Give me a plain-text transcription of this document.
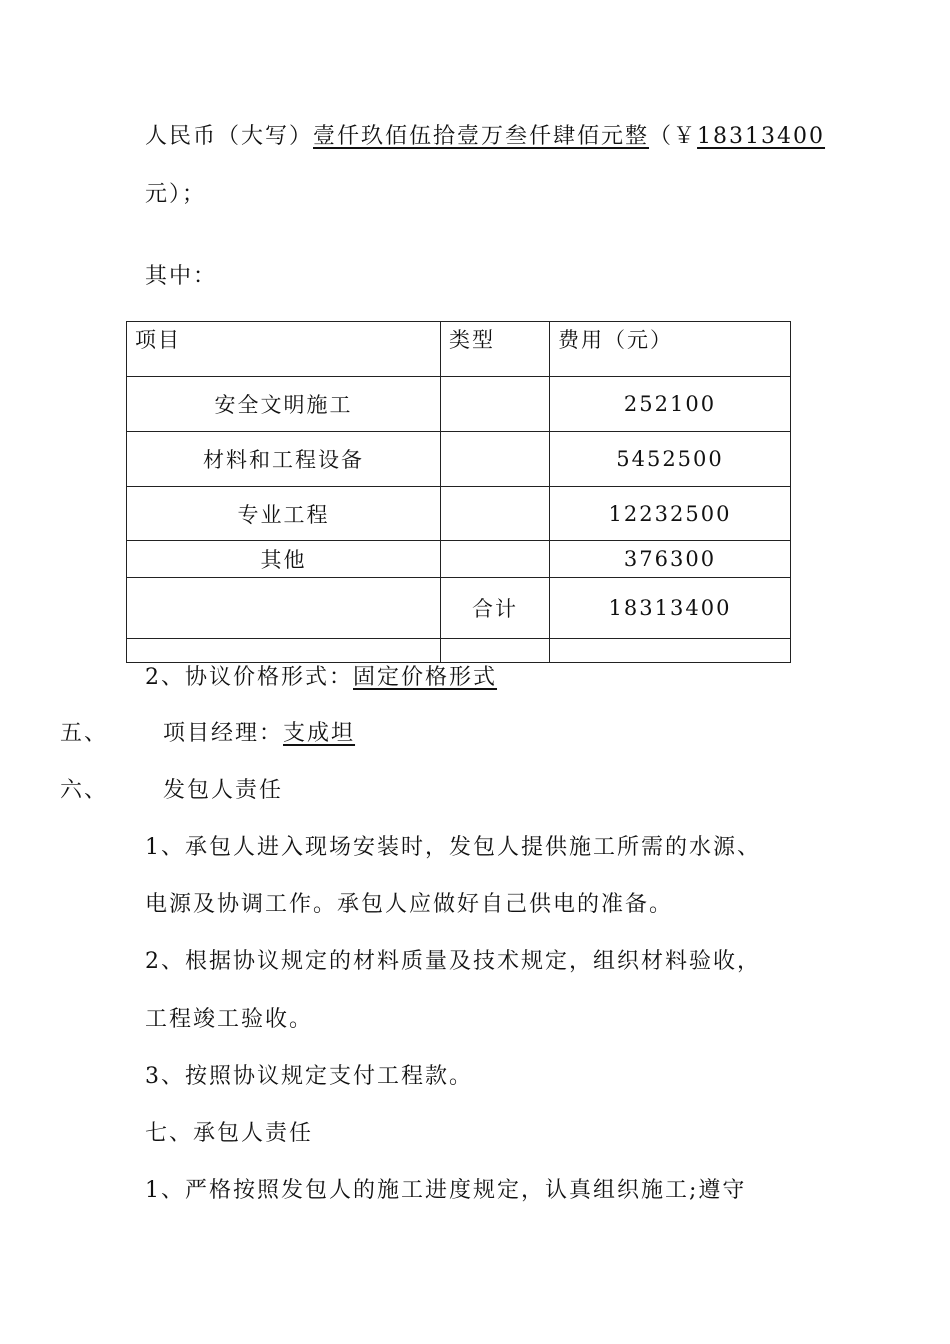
人民币（大写）壹仟玖佰伍拾壹万叁仟肆佰元整（￥18313400
元）；
其中：
项目	类型	费用（元）
安全文明施工		252100
材料和工程设备		5452500
专业工程		12232500
其他		376300
	合计	18313400

2、协议价格形式：固定价格形式
五、 项目经理：支成坦
六、 发包人责任
1、承包人进入现场安装时，发包人提供施工所需的水源、
电源及协调工作。承包人应做好自己供电的准备。
2、根据协议规定的材料质量及技术规定，组织材料验收，
工程竣工验收。
3、按照协议规定支付工程款。
七、承包人责任
1、严格按照发包人的施工进度规定，认真组织施工;遵守
